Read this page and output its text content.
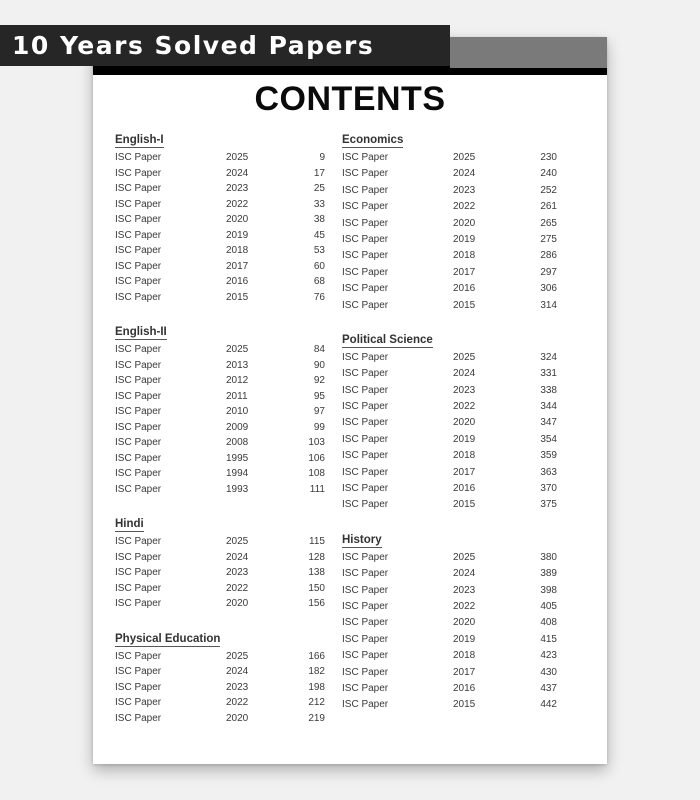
10 Years Solved Papers
CONTENTS
English-I
ISC Paper	2025	9
ISC Paper	2024	17
ISC Paper	2023	25
ISC Paper	2022	33
ISC Paper	2020	38
ISC Paper	2019	45
ISC Paper	2018	53
ISC Paper	2017	60
ISC Paper	2016	68
ISC Paper	2015	76
English-II
ISC Paper	2025	84
ISC Paper	2013	90
ISC Paper	2012	92
ISC Paper	2011	95
ISC Paper	2010	97
ISC Paper	2009	99
ISC Paper	2008	103
ISC Paper	1995	106
ISC Paper	1994	108
ISC Paper	1993	111
Hindi
ISC Paper	2025	115
ISC Paper	2024	128
ISC Paper	2023	138
ISC Paper	2022	150
ISC Paper	2020	156
Physical Education
ISC Paper	2025	166
ISC Paper	2024	182
ISC Paper	2023	198
ISC Paper	2022	212
ISC Paper	2020	219
Economics
ISC Paper	2025	230
ISC Paper	2024	240
ISC Paper	2023	252
ISC Paper	2022	261
ISC Paper	2020	265
ISC Paper	2019	275
ISC Paper	2018	286
ISC Paper	2017	297
ISC Paper	2016	306
ISC Paper	2015	314
Political Science
ISC Paper	2025	324
ISC Paper	2024	331
ISC Paper	2023	338
ISC Paper	2022	344
ISC Paper	2020	347
ISC Paper	2019	354
ISC Paper	2018	359
ISC Paper	2017	363
ISC Paper	2016	370
ISC Paper	2015	375
History
ISC Paper	2025	380
ISC Paper	2024	389
ISC Paper	2023	398
ISC Paper	2022	405
ISC Paper	2020	408
ISC Paper	2019	415
ISC Paper	2018	423
ISC Paper	2017	430
ISC Paper	2016	437
ISC Paper	2015	442
